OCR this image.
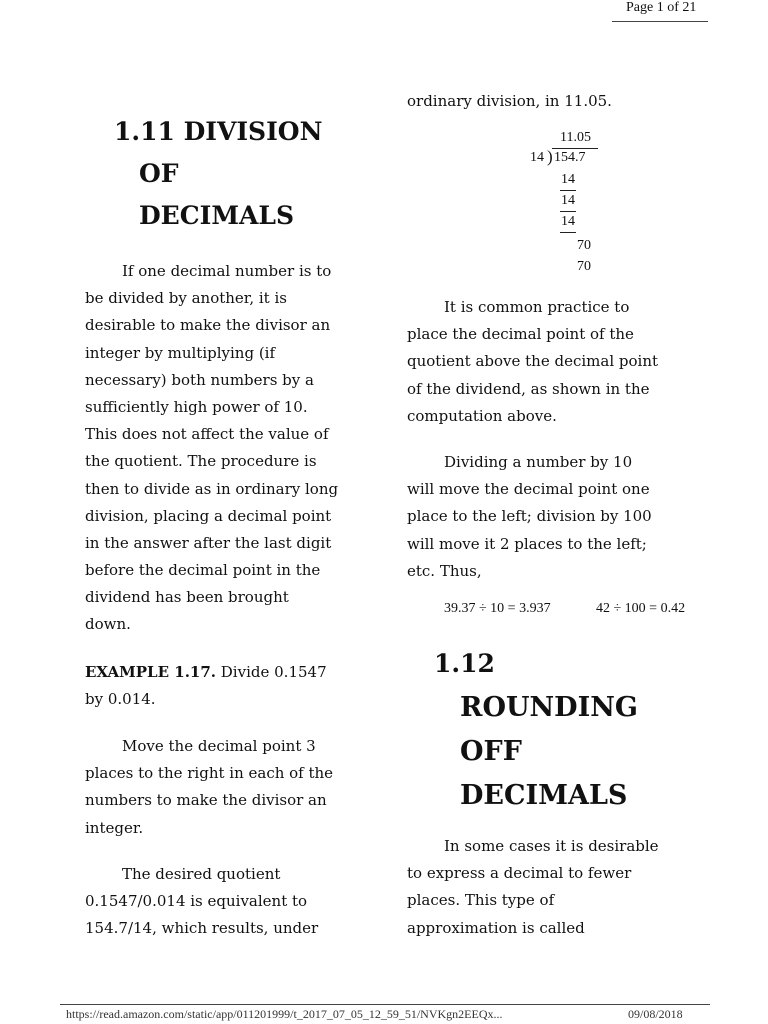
Page 1 of 21
1.11 DIVISION
OF
DECIMALS
If one decimal number is to
be divided by another, it is
desirable to make the divisor an
integer by multiplying (if
necessary) both numbers by a
sufficiently high power of 10.
This does not affect the value of
the quotient. The procedure is
then to divide as in ordinary long
division, placing a decimal point
in the answer after the last digit
before the decimal point in the
dividend has been brought
down.
EXAMPLE 1.17. Divide 0.1547
by 0.014.
Move the decimal point 3
places to the right in each of the
numbers to make the divisor an
integer.
The desired quotient
0.1547/0.014 is equivalent to
154.7/14, which results, under
ordinary division, in 11.05.
11.05
14 ) 154.7
14
14
14
70
70
It is common practice to
place the decimal point of the
quotient above the decimal point
of the dividend, as shown in the
computation above.
Dividing a number by 10
will move the decimal point one
place to the left; division by 100
will move it 2 places to the left;
etc. Thus,
39.37 ÷ 10 = 3.937	42 ÷ 100 = 0.42
1.12
ROUNDING
OFF
DECIMALS
In some cases it is desirable
to express a decimal to fewer
places. This type of
approximation is called
https://read.amazon.com/static/app/011201999/t_2017_07_05_12_59_51/NVKgn2EEQx...	09/08/2018
